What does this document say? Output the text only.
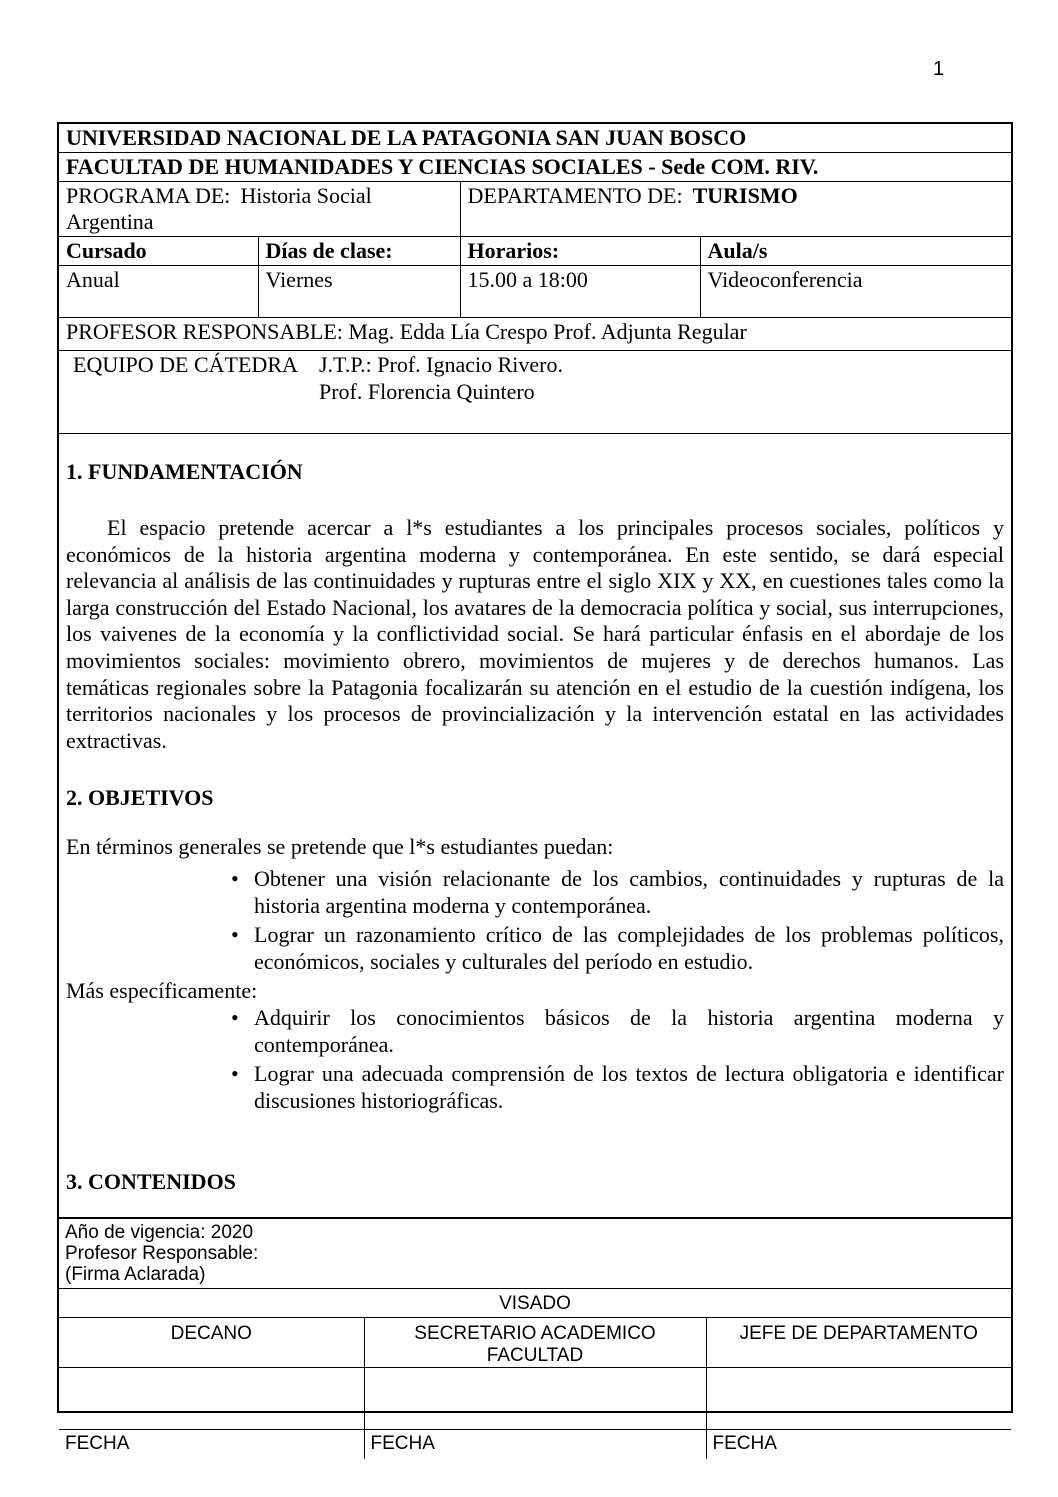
1
UNIVERSIDAD NACIONAL DE LA PATAGONIA SAN JUAN BOSCO			
FACULTAD DE HUMANIDADES Y CIENCIAS SOCIALES - Sede COM. RIV.			
PROGRAMA DE: Historia Social Argentina		DEPARTAMENTO DE: TURISMO	
Cursado	Días de clase:	Horarios:	Aula/s
Anual	Viernes	15.00 a 18:00	Videoconferencia
PROFESOR RESPONSABLE: Mag. Edda Lía Crespo Prof. Adjunta Regular			

EQUIPO DE CÁTEDRA J.T.P.: Prof. Ignacio Rivero.
Prof. Florencia Quintero			
1. FUNDAMENTACIÓN

El espacio pretende acercar a l*s estudiantes a los principales procesos sociales, políticos y económicos de la historia argentina moderna y contemporánea. En este sentido, se dará especial relevancia al análisis de las continuidades y rupturas entre el siglo XIX y XX, en cuestiones tales como la larga construcción del Estado Nacional, los avatares de la democracia política y social, sus interrupciones, los vaivenes de la economía y la conflictividad social. Se hará particular énfasis en el abordaje de los movimientos sociales: movimiento obrero, movimientos de mujeres y de derechos humanos. Las temáticas regionales sobre la Patagonia focalizarán su atención en el estudio de la cuestión indígena, los territorios nacionales y los procesos de provincialización y la intervención estatal en las actividades extractivas.

2. OBJETIVOS

En términos generales se pretende que l*s estudiantes puedan:

• Obtener una visión relacionante de los cambios, continuidades y rupturas de la historia argentina moderna y contemporánea.
• Lograr un razonamiento crítico de las complejidades de los problemas políticos, económicos, sociales y culturales del período en estudio.

Más específicamente:

• Adquirir los conocimientos básicos de la historia argentina moderna y contemporánea.
• Lograr una adecuada comprensión de los textos de lectura obligatoria e identificar discusiones historiográficas.
3. CONTENIDOS

Año de vigencia: 2020
Profesor Responsable:
(Firma Aclarada)		

VISADO		
DECANO	SECRETARIO ACADEMICO FACULTAD	JEFE DE DEPARTAMENTO

FECHA	FECHA	FECHA
